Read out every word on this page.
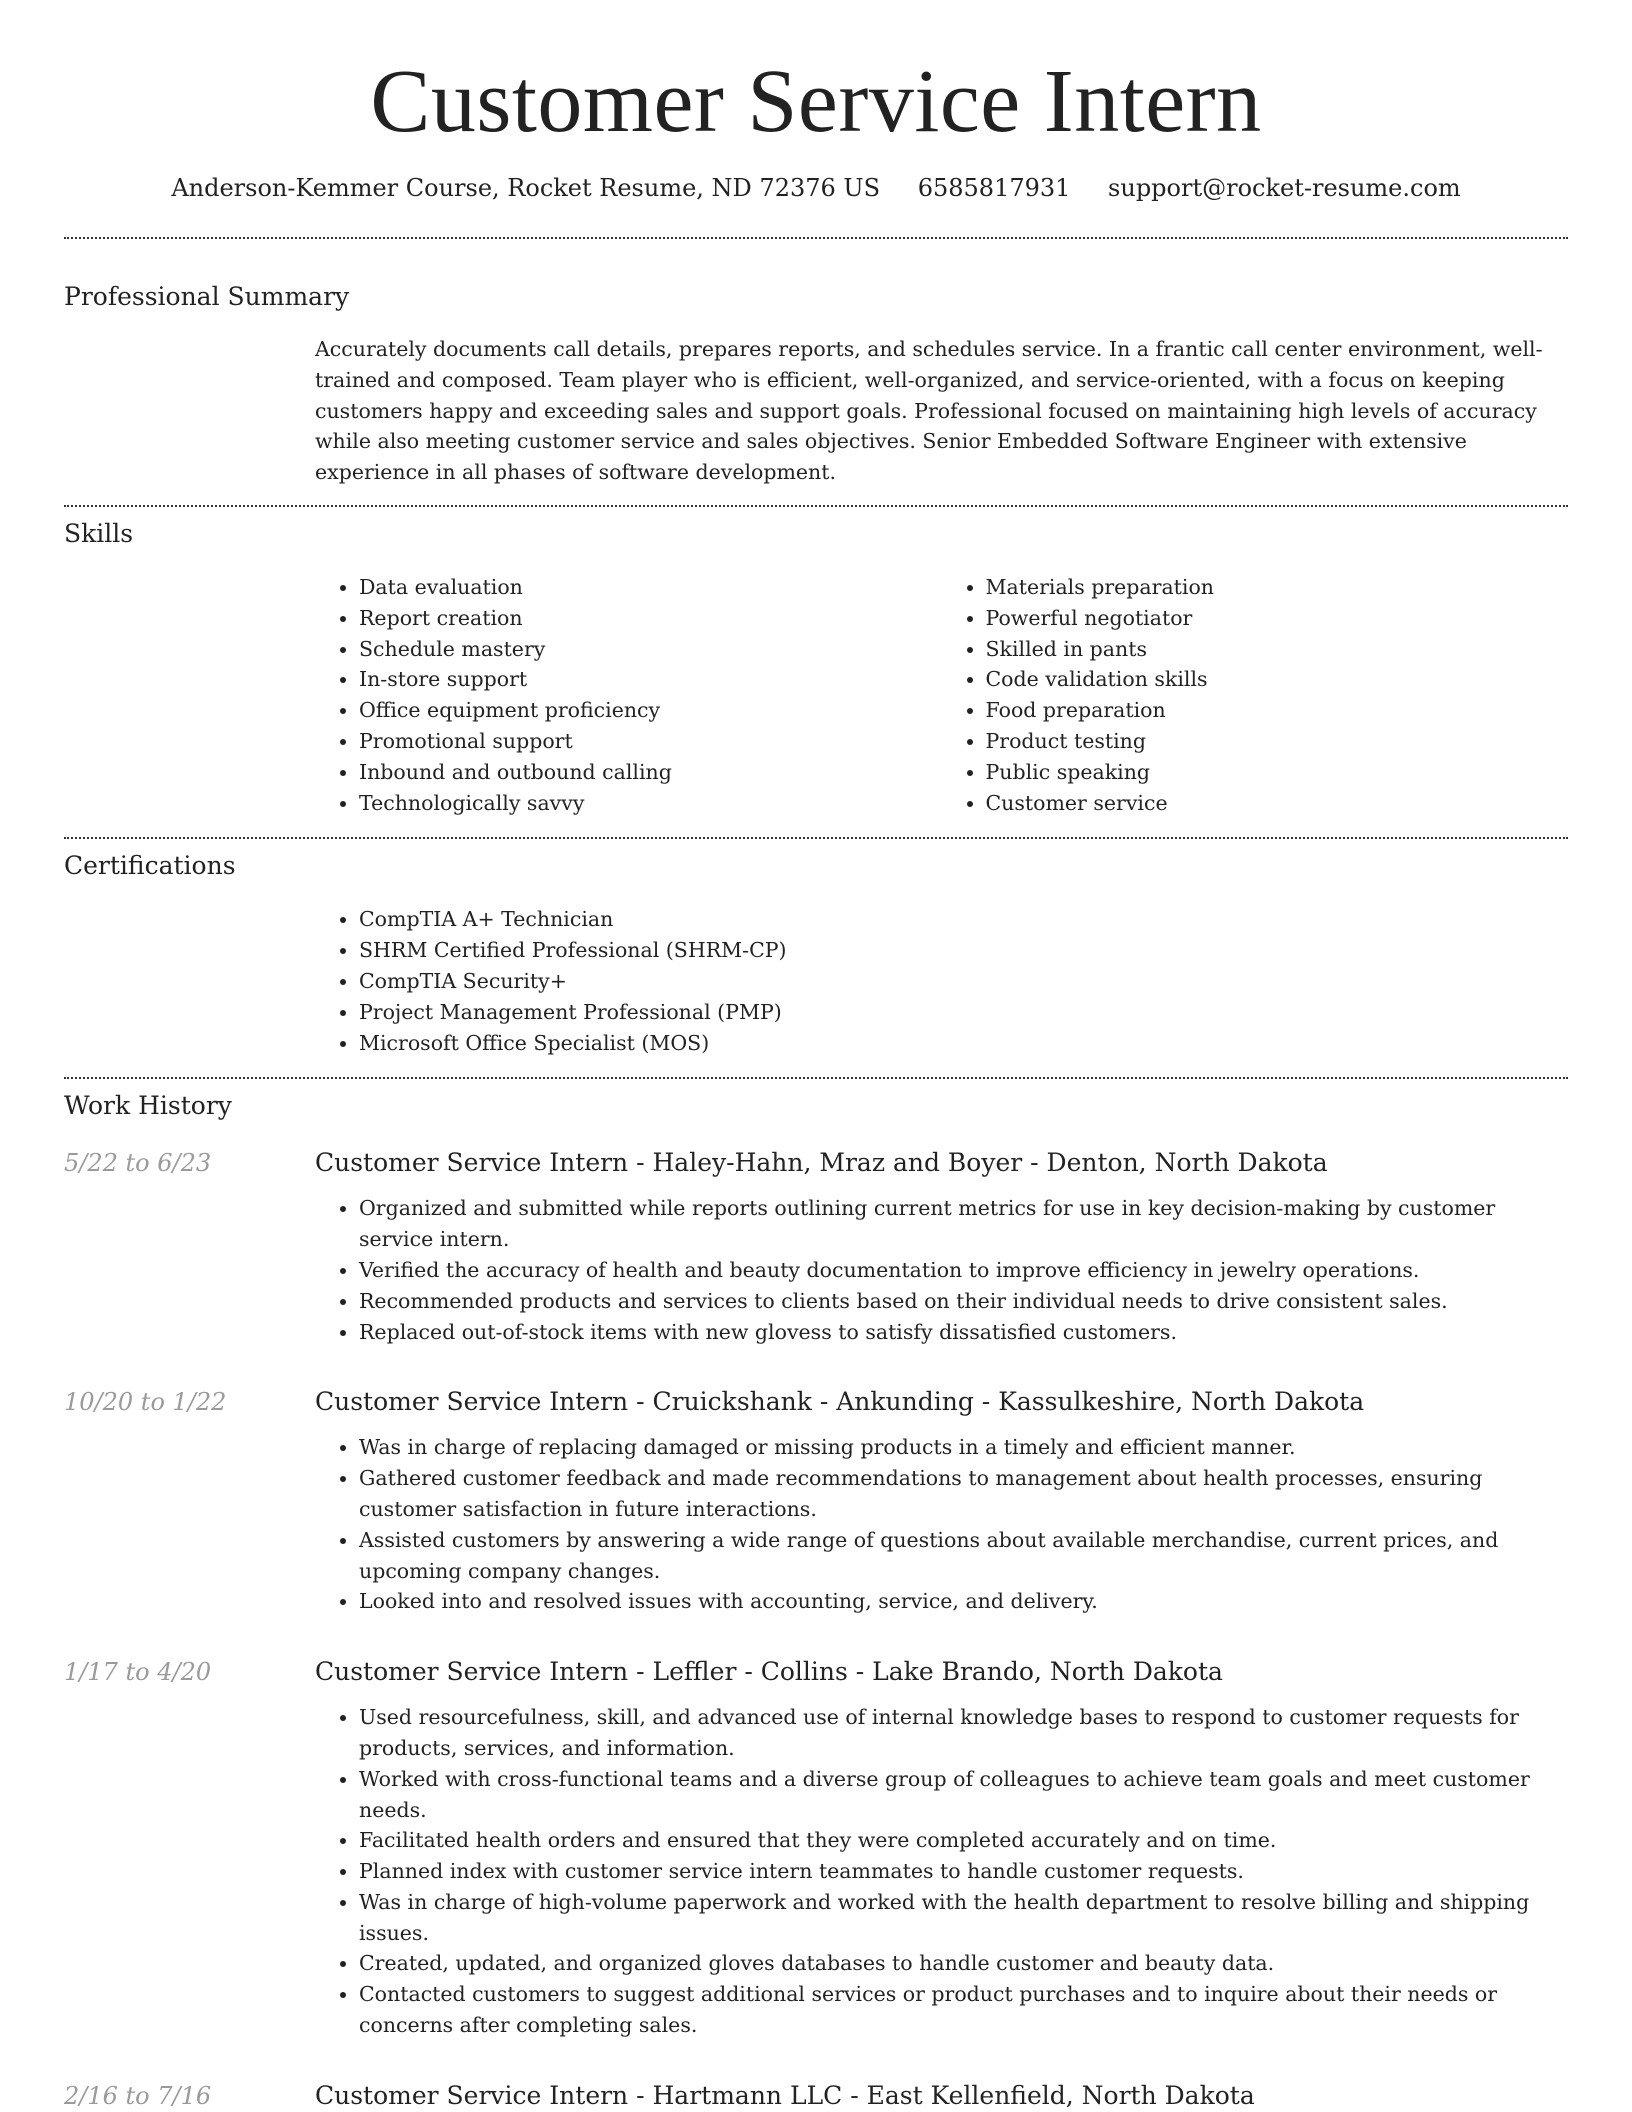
Customer Service Intern
Anderson-Kemmer Course, Rocket Resume, ND 72376 US 6585817931 support@rocket-resume.com
Professional Summary
Accurately documents call details, prepares reports, and schedules service. In a frantic call center environment, well-trained and composed. Team player who is efficient, well-organized, and service-oriented, with a focus on keeping customers happy and exceeding sales and support goals. Professional focused on maintaining high levels of accuracy while also meeting customer service and sales objectives. Senior Embedded Software Engineer with extensive experience in all phases of software development.
Skills
• Data evaluation
• Report creation
• Schedule mastery
• In-store support
• Office equipment proficiency
• Promotional support
• Inbound and outbound calling
• Technologically savvy
• Materials preparation
• Powerful negotiator
• Skilled in pants
• Code validation skills
• Food preparation
• Product testing
• Public speaking
• Customer service
Certifications
• CompTIA A+ Technician
• SHRM Certified Professional (SHRM-CP)
• CompTIA Security+
• Project Management Professional (PMP)
• Microsoft Office Specialist (MOS)
Work History
5/22 to 6/23	Customer Service Intern - Haley-Hahn, Mraz and Boyer - Denton, North Dakota
• Organized and submitted while reports outlining current metrics for use in key decision-making by customer service intern.
• Verified the accuracy of health and beauty documentation to improve efficiency in jewelry operations.
• Recommended products and services to clients based on their individual needs to drive consistent sales.
• Replaced out-of-stock items with new glovess to satisfy dissatisfied customers.
10/20 to 1/22	Customer Service Intern - Cruickshank - Ankunding - Kassulkeshire, North Dakota
• Was in charge of replacing damaged or missing products in a timely and efficient manner.
• Gathered customer feedback and made recommendations to management about health processes, ensuring customer satisfaction in future interactions.
• Assisted customers by answering a wide range of questions about available merchandise, current prices, and upcoming company changes.
• Looked into and resolved issues with accounting, service, and delivery.
1/17 to 4/20	Customer Service Intern - Leffler - Collins - Lake Brando, North Dakota
• Used resourcefulness, skill, and advanced use of internal knowledge bases to respond to customer requests for products, services, and information.
• Worked with cross-functional teams and a diverse group of colleagues to achieve team goals and meet customer needs.
• Facilitated health orders and ensured that they were completed accurately and on time.
• Planned index with customer service intern teammates to handle customer requests.
• Was in charge of high-volume paperwork and worked with the health department to resolve billing and shipping issues.
• Created, updated, and organized gloves databases to handle customer and beauty data.
• Contacted customers to suggest additional services or product purchases and to inquire about their needs or concerns after completing sales.
2/16 to 7/16	Customer Service Intern - Hartmann LLC - East Kellenfield, North Dakota
